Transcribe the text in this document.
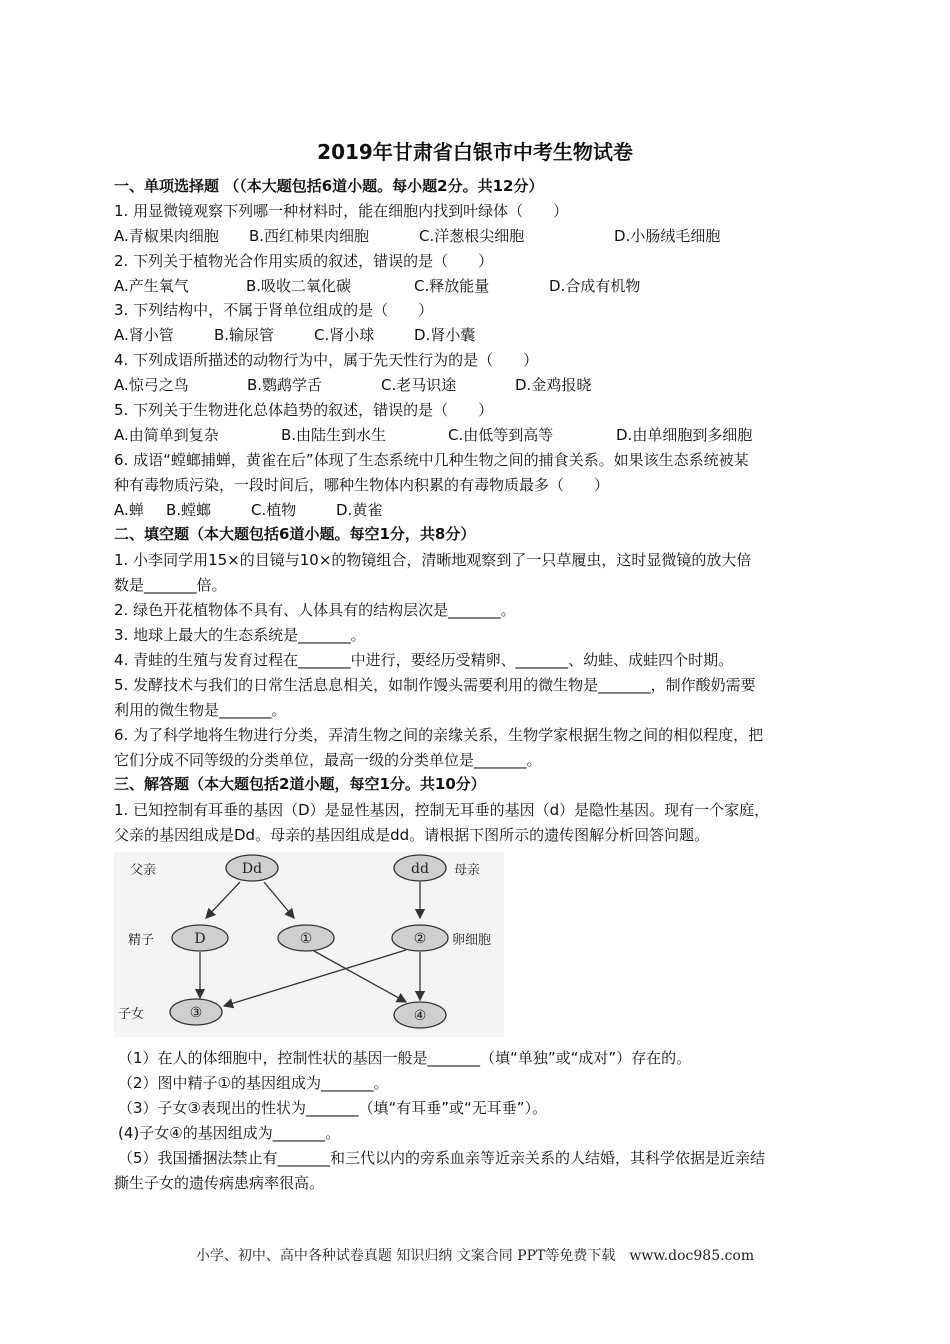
2019年甘肃省白银市中考生物试卷
一、单项选择题 （（本大题包括6道小题。每小题2分。共12分）
1. 用显微镜观察下列哪一种材料时，能在细胞内找到叶绿体（　　）
A.青椒果肉细胞	B.西红柿果肉细胞	C.洋葱根尖细胞	D.小肠绒毛细胞
2. 下列关于植物光合作用实质的叙述，错误的是（　　）
A.产生氧气	B.吸收二氧化碳	C.释放能量	D.合成有机物
3. 下列结构中，不属于肾单位组成的是（　　）
A.肾小管	B.输尿管	C.肾小球	D.肾小囊
4. 下列成语所描述的动物行为中，属于先天性行为的是（　　）
A.惊弓之鸟	B.鹦鹉学舌	C.老马识途	D.金鸡报晓
5. 下列关于生物进化总体趋势的叙述，错误的是（　　）
A.由简单到复杂	B.由陆生到水生	C.由低等到高等	D.由单细胞到多细胞
6. 成语“螳螂捕蝉，黄雀在后”体现了生态系统中几种生物之间的捕食关系。如果该生态系统被某
种有毒物质污染，一段时间后，哪种生物体内积累的有毒物质最多（　　）
A.蝉	B.螳螂	C.植物	D.黄雀
二、填空题（本大题包括6道小题。每空1分，共8分）
1. 小李同学用15×的目镜与10×的物镜组合，清晰地观察到了一只草履虫，这时显微镜的放大倍
数是_______倍。
2. 绿色开花植物体不具有、人体具有的结构层次是_______。
3. 地球上最大的生态系统是_______。
4. 青蛙的生殖与发育过程在_______中进行，要经历受精卵、_______、幼蛙、成蛙四个时期。
5. 发酵技术与我们的日常生活息息相关，如制作馒头需要利用的微生物是_______，制作酸奶需要
利用的微生物是_______。
6. 为了科学地将生物进行分类，弄清生物之间的亲缘关系，生物学家根据生物之间的相似程度，把
它们分成不同等级的分类单位，最高一级的分类单位是_______。
三、解答题（本大题包括2道小题，每空1分。共10分）
1. 已知控制有耳垂的基因（D）是显性基因，控制无耳垂的基因（d）是隐性基因。现有一个家庭，
父亲的基因组成是Dd。母亲的基因组成是dd。请根据下图所示的遗传图解分析回答问题。
父亲	Dd	dd 母亲
精子	D	①	② 卵细胞
子女	③	④
（1）在人的体细胞中，控制性状的基因一般是_______（填“单独”或“成对”）存在的。
（2）图中精子①的基因组成为_______。
（3）子女③表现出的性状为_______（填“有耳垂”或“无耳垂”）。
(4)子女④的基因组成为_______。
（5）我国播捆法禁止有_______和三代以内的旁系血亲等近亲关系的人结婚，其科学依据是近亲结
撕生子女的遗传病患病率很高。
小学、初中、高中各种试卷真题 知识归纳 文案合同 PPT等免费下载　www.doc985.com
